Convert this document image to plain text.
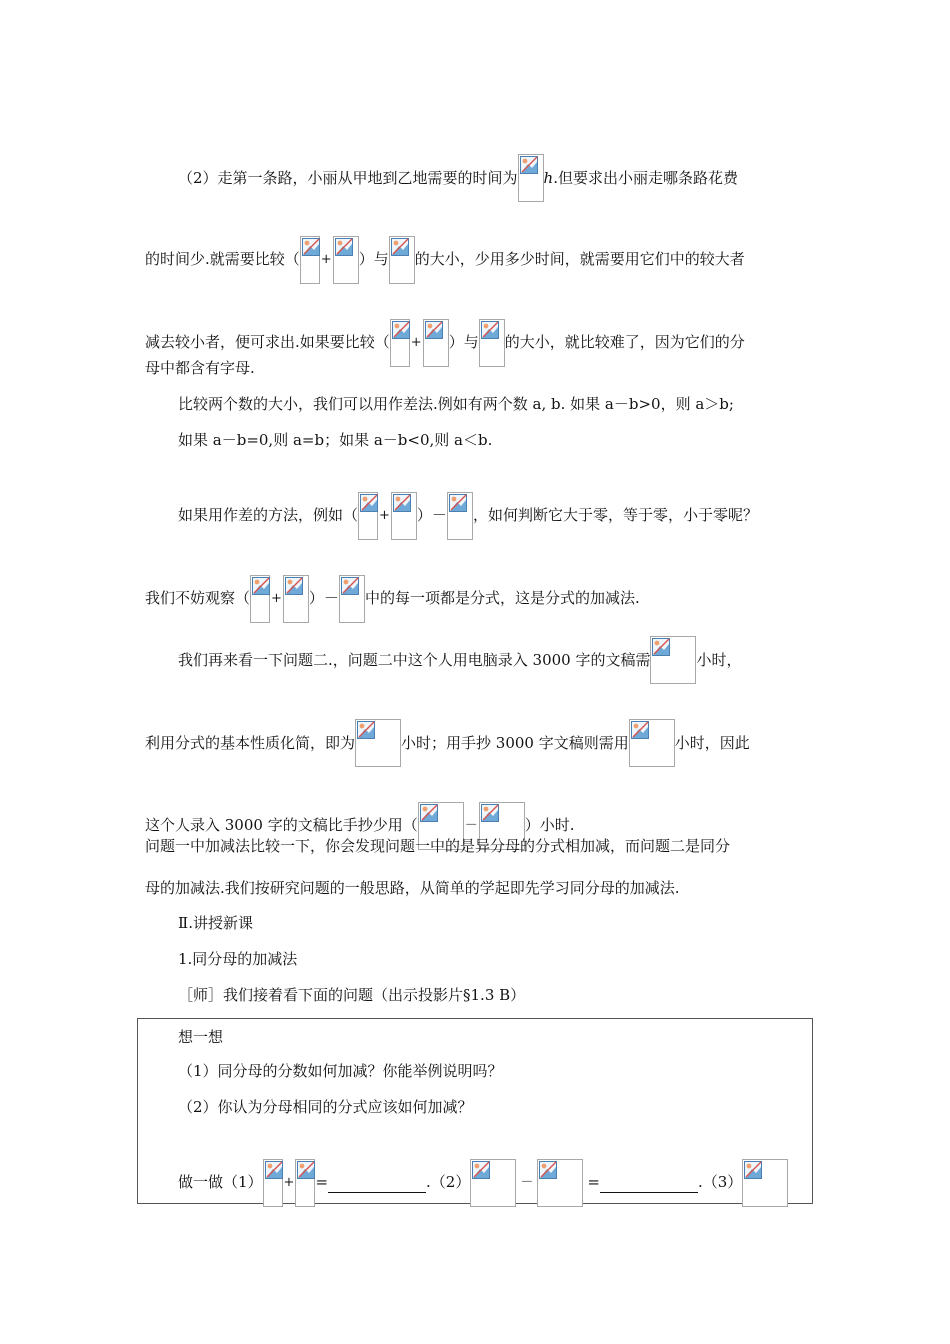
（2）走第一条路，小丽从甲地到乙地需要的时间为 h.但要求出小丽走哪条路花费
的时间少.就需要比较（ + ）与 的大小，少用多少时间，就需要用它们中的较大者
减去较小者，便可求出.如果要比较（ + ）与 的大小，就比较难了，因为它们的分
母中都含有字母.
比较两个数的大小，我们可以用作差法.例如有两个数 a, b. 如果 a－b>0，则 a＞b;
如果 a－b=0,则 a=b；如果 a－b<0,则 a＜b.
如果用作差的方法，例如（ + ）－ ，如何判断它大于零，等于零，小于零呢？
我们不妨观察（ + ）－ 中的每一项都是分式，这是分式的加减法.
我们再来看一下问题二.，问题二中这个人用电脑录入 3000 字的文稿需	小时，
利用分式的基本性质化简，即为	小时；用手抄 3000 字文稿则需用	小时，因此
这个人录入 3000 字的文稿比手抄少用（	－	）小时.
问题一中加减法比较一下，你会发现问题一中的是异分母的分式相加减，而问题二是同分
母的加减法.我们按研究问题的一般思路，从简单的学起即先学习同分母的加减法.
Ⅱ.讲授新课
1.同分母的加减法
［师］我们接着看下面的问题（出示投影片§1.3 B）
想一想
（1）同分母的分数如何加减？你能举例说明吗？
（2）你认为分母相同的分式应该如何加减？
做一做（1） + =	.（2）	－	=	.（3）
